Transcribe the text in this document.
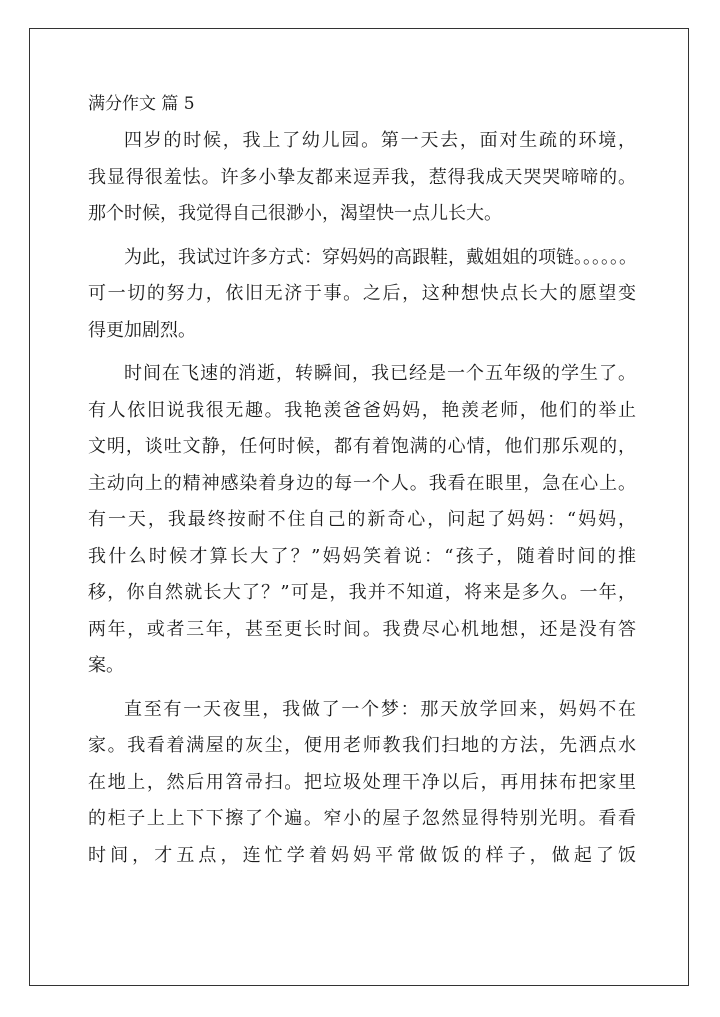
满分作文 篇 5
四岁的时候，我上了幼儿园。第一天去，面对生疏的环境，
我显得很羞怯。许多小挚友都来逗弄我，惹得我成天哭哭啼啼的。
那个时候，我觉得自己很渺小，渴望快一点儿长大。
为此，我试过许多方式：穿妈妈的高跟鞋，戴姐姐的项链。。。。。。
可一切的努力，依旧无济于事。之后，这种想快点长大的愿望变
得更加剧烈。
时间在飞速的消逝，转瞬间，我已经是一个五年级的学生了。
有人依旧说我很无趣。我艳羡爸爸妈妈，艳羡老师，他们的举止
文明，谈吐文静，任何时候，都有着饱满的心情，他们那乐观的，
主动向上的精神感染着身边的每一个人。我看在眼里，急在心上。
有一天，我最终按耐不住自己的新奇心，问起了妈妈：“妈妈，
我什么时候才算长大了？”妈妈笑着说：“孩子，随着时间的推
移，你自然就长大了？”可是，我并不知道，将来是多久。一年，
两年，或者三年，甚至更长时间。我费尽心机地想，还是没有答
案。
直至有一天夜里，我做了一个梦：那天放学回来，妈妈不在
家。我看着满屋的灰尘，便用老师教我们扫地的方法，先洒点水
在地上，然后用笤帚扫。把垃圾处理干净以后，再用抹布把家里
的柜子上上下下擦了个遍。窄小的屋子忽然显得特别光明。看看
时间，才五点，连忙学着妈妈平常做饭的样子，做起了饭
